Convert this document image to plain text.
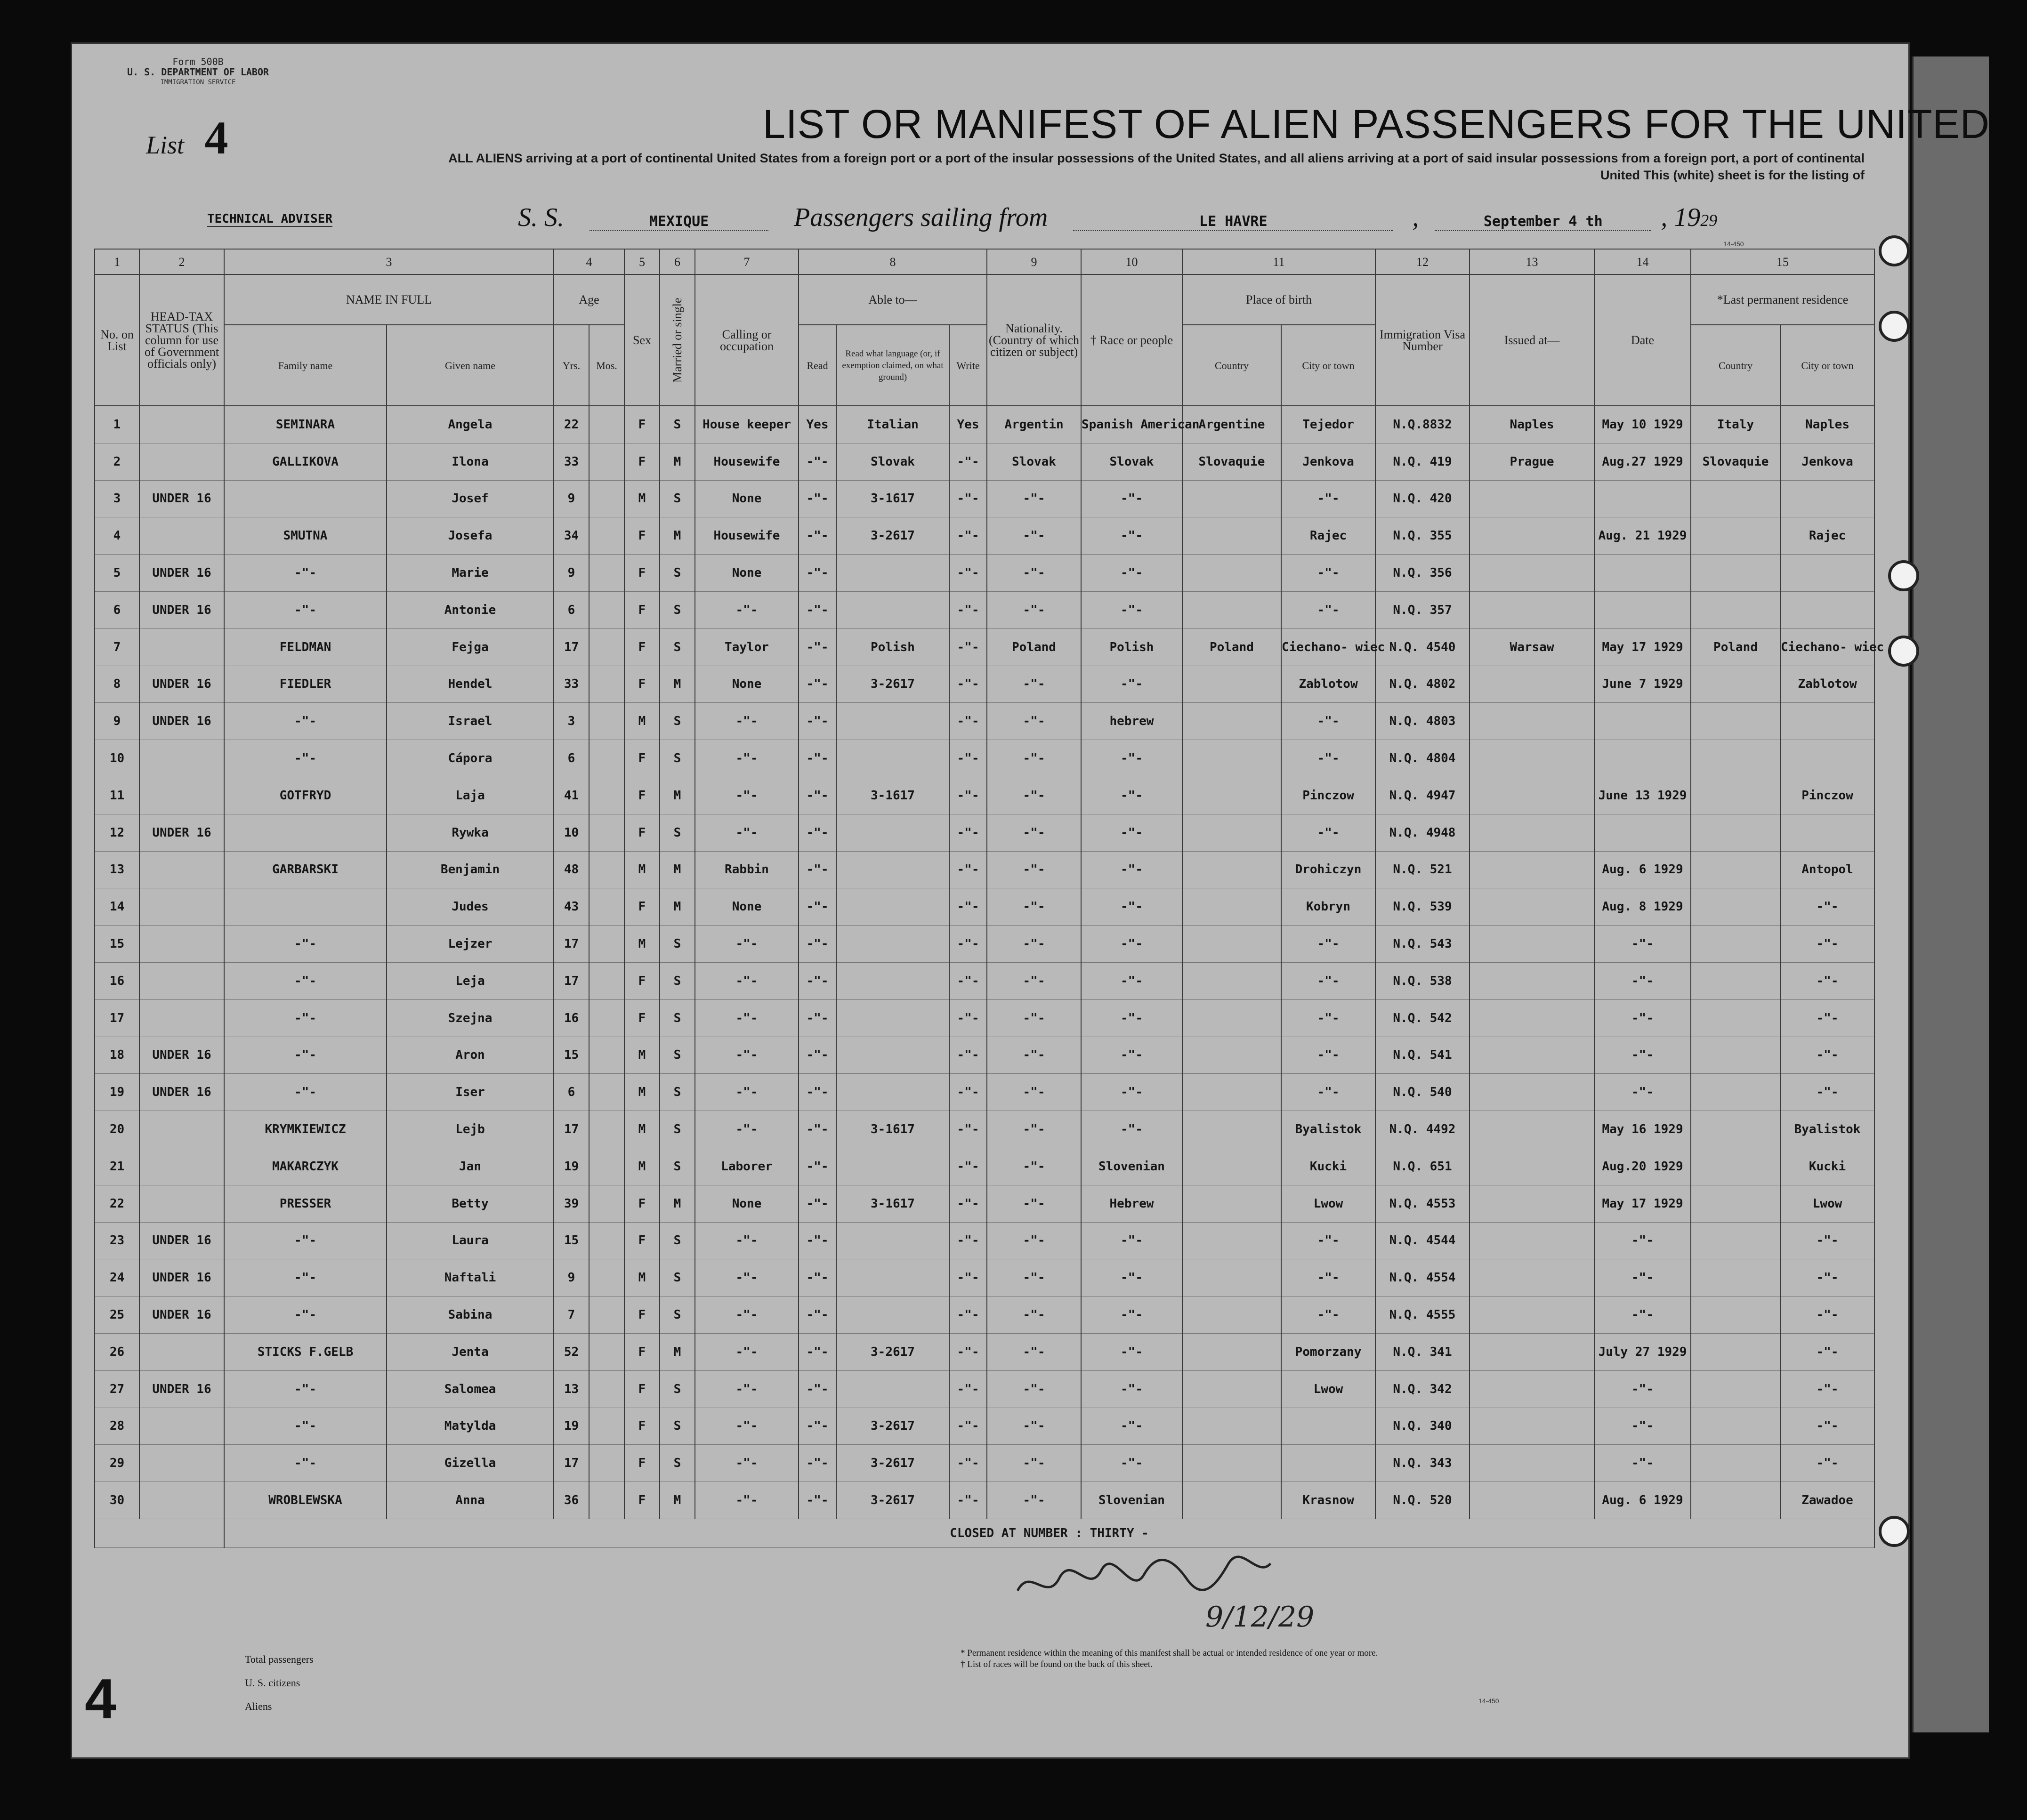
Form 500B
U. S. DEPARTMENT OF LABOR
IMMIGRATION SERVICE
List 4	LIST OR MANIFEST OF ALIEN PASSENGERS FOR THE UNITED
ALL ALIENS arriving at a port of continental United States from a foreign port or a port of the insular possessions of the United States, and all aliens arriving at a port of said insular possessions from a foreign port, a port of continental United This (white) sheet is for the listing of
14-450
TECHNICAL ADVISER	S. S.	MEXIQUE	Passengers sailing from	LE HAVRE	,	September 4 th , 1929
1	2	3		4		5	6	7	8			9	10	11		12	13	14	15	
No. on List	HEAD-TAX STATUS (This column for use of Government officials only)	NAME IN FULL		Age		Sex	Married or single	Calling or occupation	Able to—			Nationality. (Country of which citizen or subject)	† Race or people	Place of birth		Immigration Visa Number	Issued at—	Date	*Last permanent residence	
		Family name	Given name	Yrs.	Mos.				Read	Read what language (or, if exemption claimed, on what ground)	Write			Country	City or town				Country	City or town
1		SEMINARA	Angela	22		F	S	House keeper	Yes	Italian	Yes	Argentin	Spanish American	Argentine	Tejedor	N.Q.8832	Naples	May 10 1929	Italy	Naples
2		GALLIKOVA	Ilona	33		F	M	Housewife	-"-	Slovak	-"-	Slovak	Slovak	Slovaquie	Jenkova	N.Q. 419	Prague	Aug.27 1929	Slovaquie	Jenkova
3	UNDER 16		Josef	9		M	S	None	-"-	3-1617	-"-	-"-	-"-		-"-	N.Q. 420				
4		SMUTNA	Josefa	34		F	M	Housewife	-"-	3-2617	-"-	-"-	-"-		Rajec	N.Q. 355		Aug. 21 1929		Rajec
5	UNDER 16	-"-	Marie	9		F	S	None	-"-		-"-	-"-	-"-		-"-	N.Q. 356				
6	UNDER 16	-"-	Antonie	6		F	S	-"-	-"-		-"-	-"-	-"-		-"-	N.Q. 357				
7		FELDMAN	Fejga	17		F	S	Taylor	-"-	Polish	-"-	Poland	Polish	Poland	Ciechano- wiec	N.Q. 4540	Warsaw	May 17 1929	Poland	Ciechano- wiec
8	UNDER 16	FIEDLER	Hendel	33		F	M	None	-"-	3-2617	-"-	-"-	-"-		Zablotow	N.Q. 4802		June 7 1929		Zablotow
9	UNDER 16	-"-	Israel	3		M	S	-"-	-"-		-"-	-"-	hebrew		-"-	N.Q. 4803				
10		-"-	Cápora	6		F	S	-"-	-"-		-"-	-"-	-"-		-"-	N.Q. 4804				
11		GOTFRYD	Laja	41		F	M	-"-	-"-	3-1617	-"-	-"-	-"-		Pinczow	N.Q. 4947		June 13 1929		Pinczow
12	UNDER 16		Rywka	10		F	S	-"-	-"-		-"-	-"-	-"-		-"-	N.Q. 4948				
13		GARBARSKI	Benjamin	48		M	M	Rabbin	-"-		-"-	-"-	-"-		Drohiczyn	N.Q. 521		Aug. 6 1929		Antopol
14			Judes	43		F	M	None	-"-		-"-	-"-	-"-		Kobryn	N.Q. 539		Aug. 8 1929		-"-
15		-"-	Lejzer	17		M	S	-"-	-"-		-"-	-"-	-"-		-"-	N.Q. 543		-"-		-"-
16		-"-	Leja	17		F	S	-"-	-"-		-"-	-"-	-"-		-"-	N.Q. 538		-"-		-"-
17		-"-	Szejna	16		F	S	-"-	-"-		-"-	-"-	-"-		-"-	N.Q. 542		-"-		-"-
18	UNDER 16	-"-	Aron	15		M	S	-"-	-"-		-"-	-"-	-"-		-"-	N.Q. 541		-"-		-"-
19	UNDER 16	-"-	Iser	6		M	S	-"-	-"-		-"-	-"-	-"-		-"-	N.Q. 540		-"-		-"-
20		KRYMKIEWICZ	Lejb	17		M	S	-"-	-"-	3-1617	-"-	-"-	-"-		Byalistok	N.Q. 4492		May 16 1929		Byalistok
21		MAKARCZYK	Jan	19		M	S	Laborer	-"-		-"-	-"-	Slovenian		Kucki	N.Q. 651		Aug.20 1929		Kucki
22		PRESSER	Betty	39		F	M	None	-"-	3-1617	-"-	-"-	Hebrew		Lwow	N.Q. 4553		May 17 1929		Lwow
23	UNDER 16	-"-	Laura	15		F	S	-"-	-"-		-"-	-"-	-"-		-"-	N.Q. 4544		-"-		-"-
24	UNDER 16	-"-	Naftali	9		M	S	-"-	-"-		-"-	-"-	-"-		-"-	N.Q. 4554		-"-		-"-
25	UNDER 16	-"-	Sabina	7		F	S	-"-	-"-		-"-	-"-	-"-		-"-	N.Q. 4555		-"-		-"-
26		STICKS F.GELB	Jenta	52		F	M	-"-	-"-	3-2617	-"-	-"-	-"-		Pomorzany	N.Q. 341		July 27 1929		-"-
27	UNDER 16	-"-	Salomea	13		F	S	-"-	-"-		-"-	-"-	-"-		Lwow	N.Q. 342		-"-		-"-
28		-"-	Matylda	19		F	S	-"-	-"-	3-2617	-"-	-"-	-"-			N.Q. 340		-"-		-"-
29		-"-	Gizella	17		F	S	-"-	-"-	3-2617	-"-	-"-	-"-			N.Q. 343		-"-		-"-
30		WROBLEWSKA	Anna	36		F	M	-"-	-"-	3-2617	-"-	-"-	Slovenian		Krasnow	N.Q. 520		Aug. 6 1929		Zawadoe
		CLOSED AT NUMBER : THIRTY -																		
9/12/29
4
Total passengers
U. S. citizens
Aliens
* Permanent residence within the meaning of this manifest shall be actual or intended residence of one year or more.
† List of races will be found on the back of this sheet.
14-450
